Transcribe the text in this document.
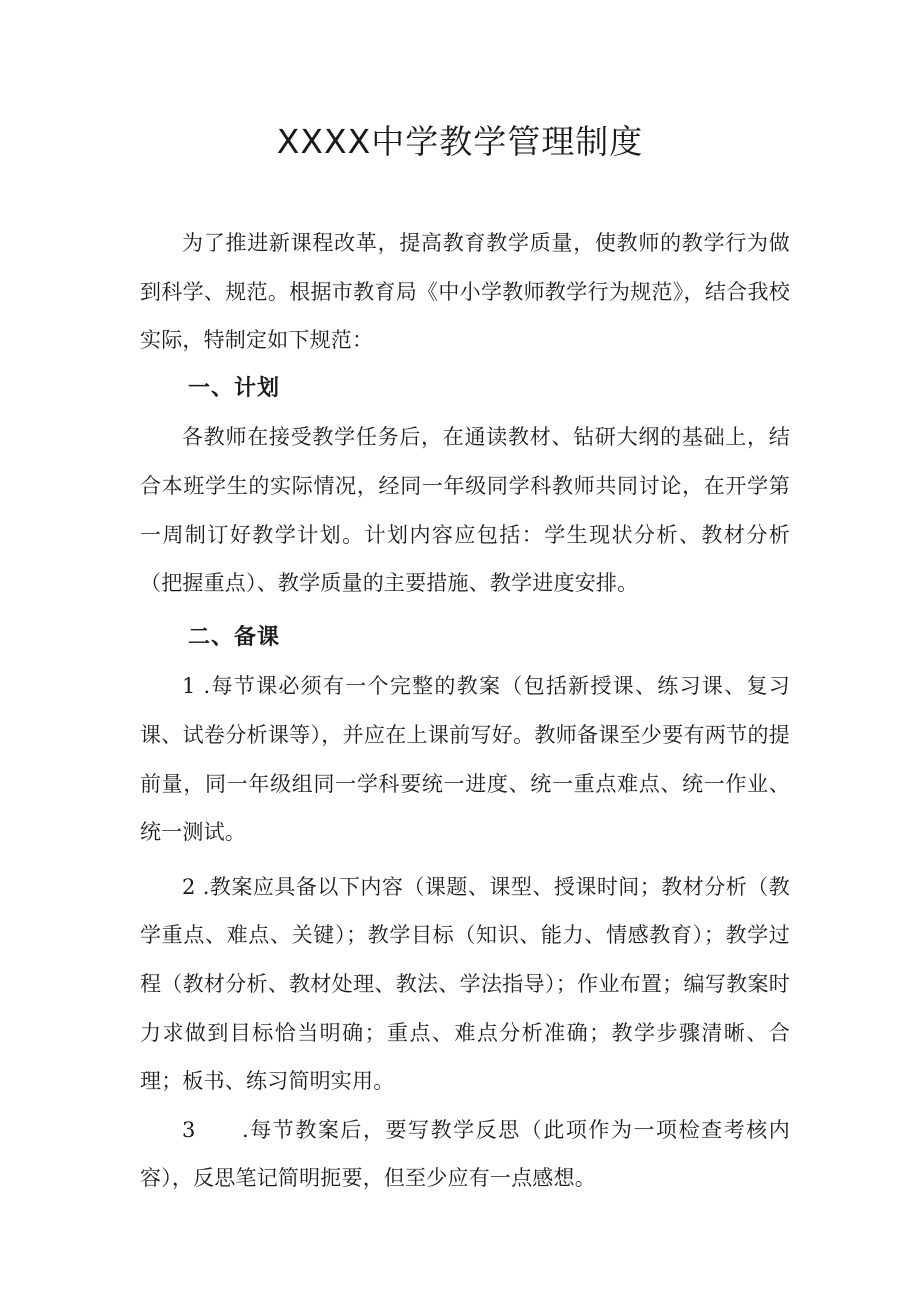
XXXX中学教学管理制度

为了推进新课程改革，提高教育教学质量，使教师的教学行为做到科学、规范。根据市教育局《中小学教师教学行为规范》，结合我校实际，特制定如下规范：

一、计划

各教师在接受教学任务后，在通读教材、钻研大纲的基础上，结合本班学生的实际情况，经同一年级同学科教师共同讨论，在开学第一周制订好教学计划。计划内容应包括：学生现状分析、教材分析（把握重点）、教学质量的主要措施、教学进度安排。

二、备课

1 .每节课必须有一个完整的教案（包括新授课、练习课、复习课、试卷分析课等），并应在上课前写好。教师备课至少要有两节的提前量，同一年级组同一学科要统一进度、统一重点难点、统一作业、统一测试。

2 .教案应具备以下内容（课题、课型、授课时间；教材分析（教学重点、难点、关键）；教学目标（知识、能力、情感教育）；教学过程（教材分析、教材处理、教法、学法指导）；作业布置；编写教案时力求做到目标恰当明确；重点、难点分析准确；教学步骤清晰、合理；板书、练习简明实用。

3 .每节教案后，要写教学反思（此项作为一项检查考核内容），反思笔记简明扼要，但至少应有一点感想。
